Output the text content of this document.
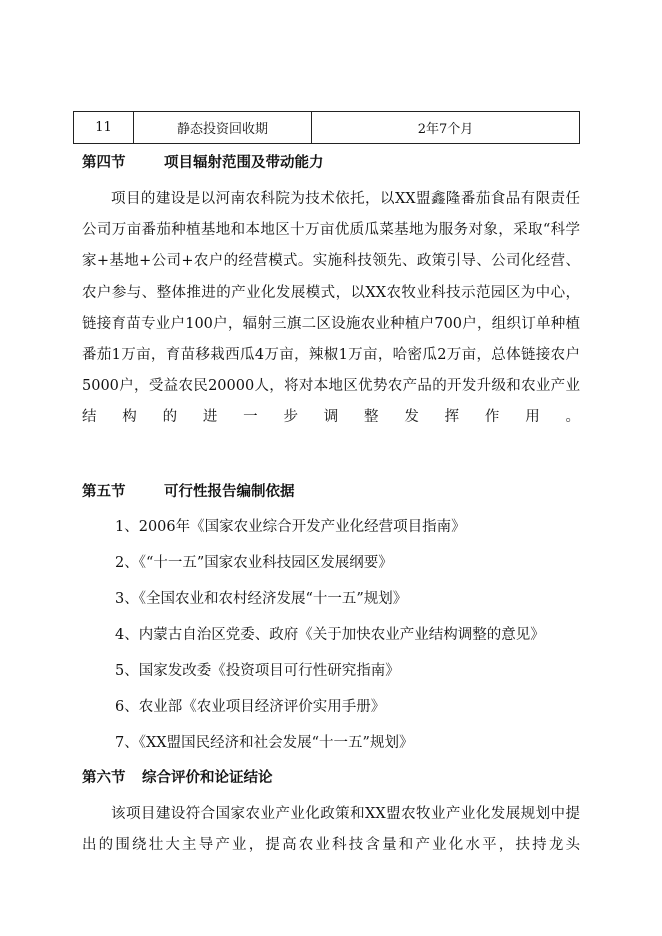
11	静态投资回收期	2年7个月
第四节	项目辐射范围及带动能力

项目的建设是以河南农科院为技术依托，以XX盟鑫隆番茄食品有限责任公司万亩番茄种植基地和本地区十万亩优质瓜菜基地为服务对象，采取“科学家+基地+公司+农户的经营模式。实施科技领先、政策引导、公司化经营、农户参与、整体推进的产业化发展模式，以XX农牧业科技示范园区为中心，链接育苗专业户100户，辐射三旗二区设施农业种植户700户，组织订单种植番茄1万亩，育苗移栽西瓜4万亩，辣椒1万亩，哈密瓜2万亩，总体链接农户5000户，受益农民20000人，将对本地区优势农产品的开发升级和农业产业结构的进一步调整发挥作用。

第五节	可行性报告编制依据
1、2006年《国家农业综合开发产业化经营项目指南》
2、《“十一五”国家农业科技园区发展纲要》
3、《全国农业和农村经济发展“十一五”规划》
4、内蒙古自治区党委、政府《关于加快农业产业结构调整的意见》
5、国家发改委《投资项目可行性研究指南》
6、农业部《农业项目经济评价实用手册》
7、《XX盟国民经济和社会发展“十一五”规划》
第六节 综合评价和论证结论

该项目建设符合国家农业产业化政策和XX盟农牧业产业化发展规划中提出的围绕壮大主导产业，提高农业科技含量和产业化水平，扶持龙头
